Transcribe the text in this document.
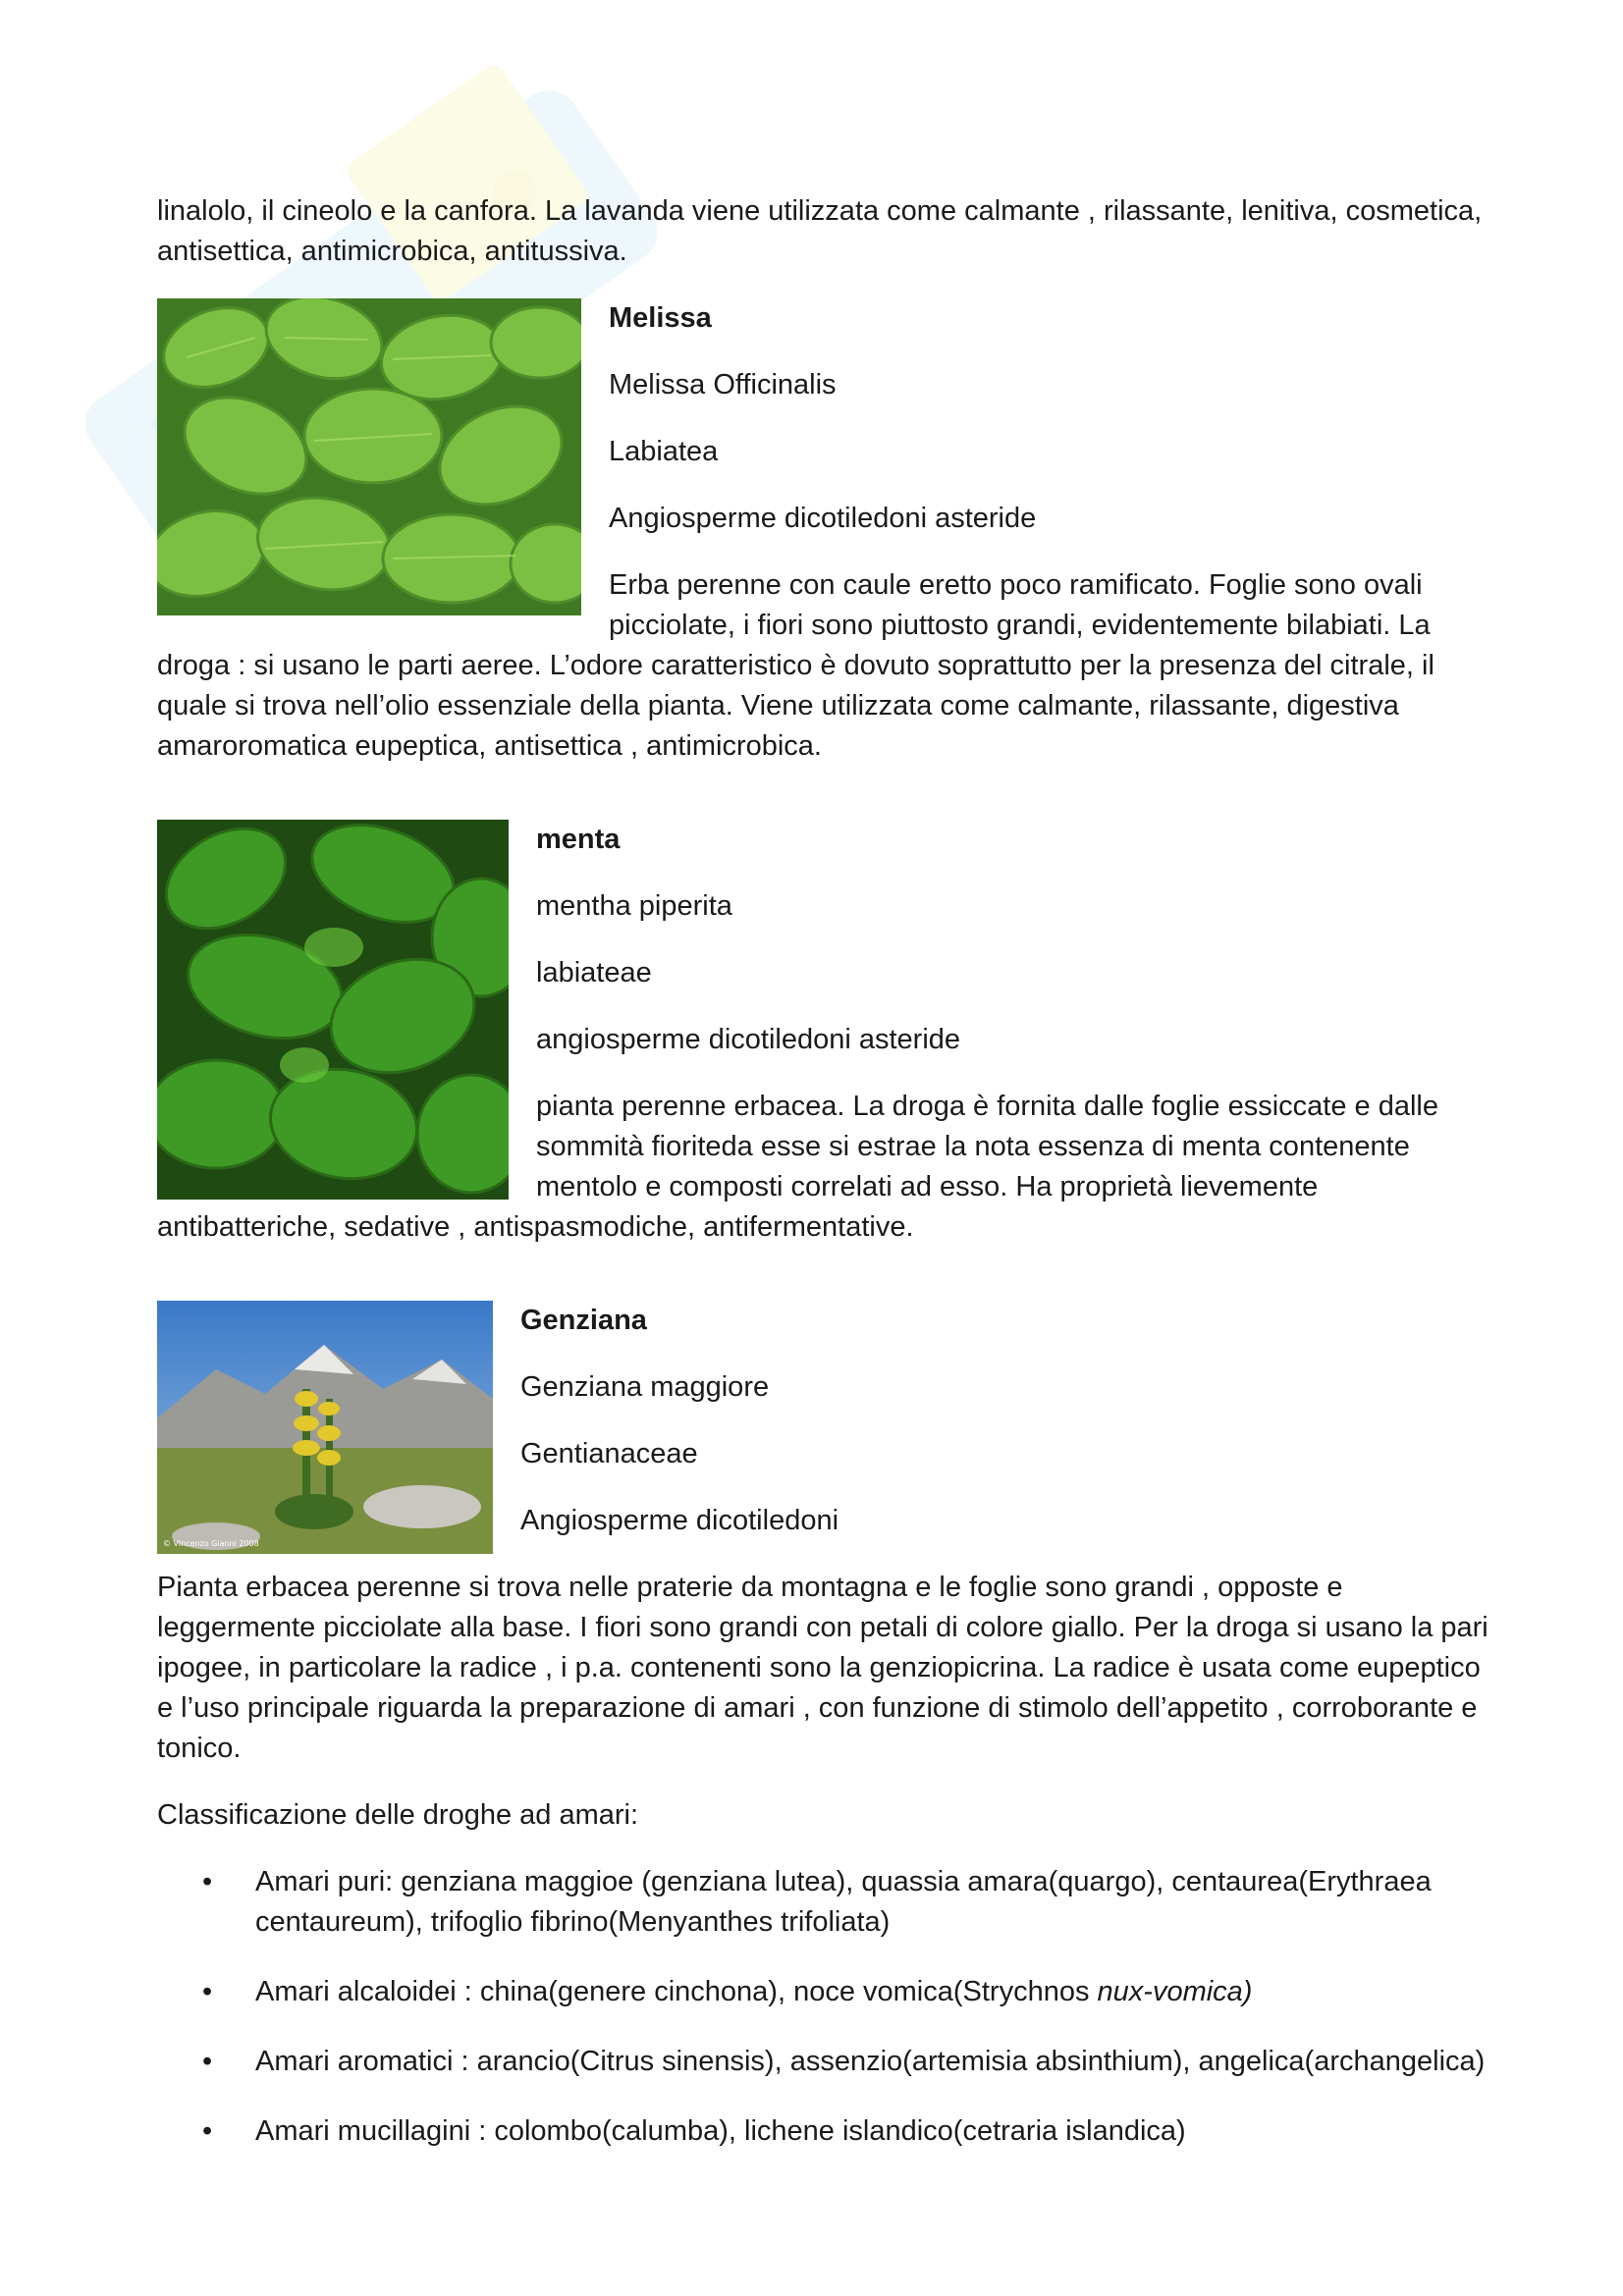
linalolo, il cineolo e la canfora. La lavanda viene utilizzata come calmante , rilassante, lenitiva, cosmetica, antisettica, antimicrobica, antitussiva.

Melissa

Melissa Officinalis

Labiatea

Angiosperme dicotiledoni asteride

Erba perenne con caule eretto poco ramificato. Foglie sono ovali picciolate, i fiori sono piuttosto grandi, evidentemente bilabiati. La droga : si usano le parti aeree. L’odore caratteristico è dovuto soprattutto per la presenza del citrale, il quale si trova nell’olio essenziale della pianta. Viene utilizzata come calmante, rilassante, digestiva amaroromatica eupeptica, antisettica , antimicrobica.

menta

mentha piperita

labiateae

angiosperme dicotiledoni asteride

pianta perenne erbacea. La droga è fornita dalle foglie essiccate e dalle sommità fioriteda esse si estrae la nota essenza di menta contenente mentolo e composti correlati ad esso. Ha proprietà lievemente antibatteriche, sedative , antispasmodiche, antifermentative.

© Vincenzo Gianni 2008

Genziana

Genziana maggiore

Gentianaceae

Angiosperme dicotiledoni

Pianta erbacea perenne si trova nelle praterie da montagna e le foglie sono grandi , opposte e leggermente picciolate alla base. I fiori sono grandi con petali di colore giallo. Per la droga si usano la pari ipogee, in particolare la radice , i p.a. contenenti sono la genziopicrina. La radice è usata come eupeptico e l’uso principale riguarda la preparazione di amari , con funzione di stimolo dell’appetito , corroborante e tonico.

Classificazione delle droghe ad amari:

• Amari puri: genziana maggioe (genziana lutea), quassia amara(quargo), centaurea(Erythraea centaureum), trifoglio fibrino(Menyanthes trifoliata)
• Amari alcaloidei : china(genere cinchona), noce vomica(Strychnos nux-vomica)
• Amari aromatici : arancio(Citrus sinensis), assenzio(artemisia absinthium), angelica(archangelica)
• Amari mucillagini : colombo(calumba), lichene islandico(cetraria islandica)
